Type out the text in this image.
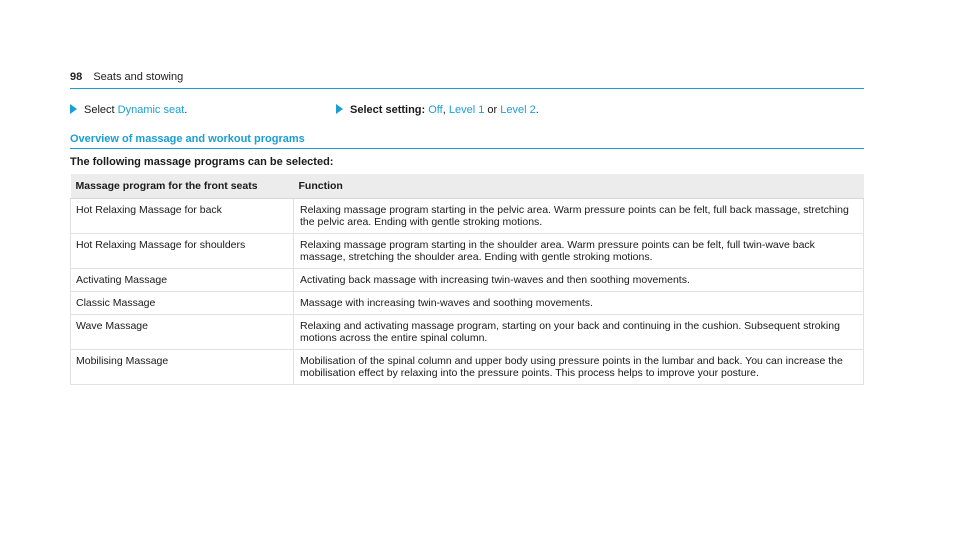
98 Seats and stowing
Select Dynamic seat.	Select setting: Off, Level 1 or Level 2.
Overview of massage and workout programs
The following massage programs can be selected:
Massage program for the front seats	Function
Hot Relaxing Massage for back	Relaxing massage program starting in the pelvic area. Warm pressure points can be felt, full back massage, stretching the pelvic area. Ending with gentle stroking motions.
Hot Relaxing Massage for shoulders	Relaxing massage program starting in the shoulder area. Warm pressure points can be felt, full twin-wave back massage, stretching the shoulder area. Ending with gentle stroking motions.
Activating Massage	Activating back massage with increasing twin-waves and then soothing movements.
Classic Massage	Massage with increasing twin-waves and soothing movements.
Wave Massage	Relaxing and activating massage program, starting on your back and continuing in the cushion. Subsequent stroking motions across the entire spinal column.
Mobilising Massage	Mobilisation of the spinal column and upper body using pressure points in the lumbar and back. You can increase the mobilisation effect by relaxing into the pressure points. This process helps to improve your posture.
